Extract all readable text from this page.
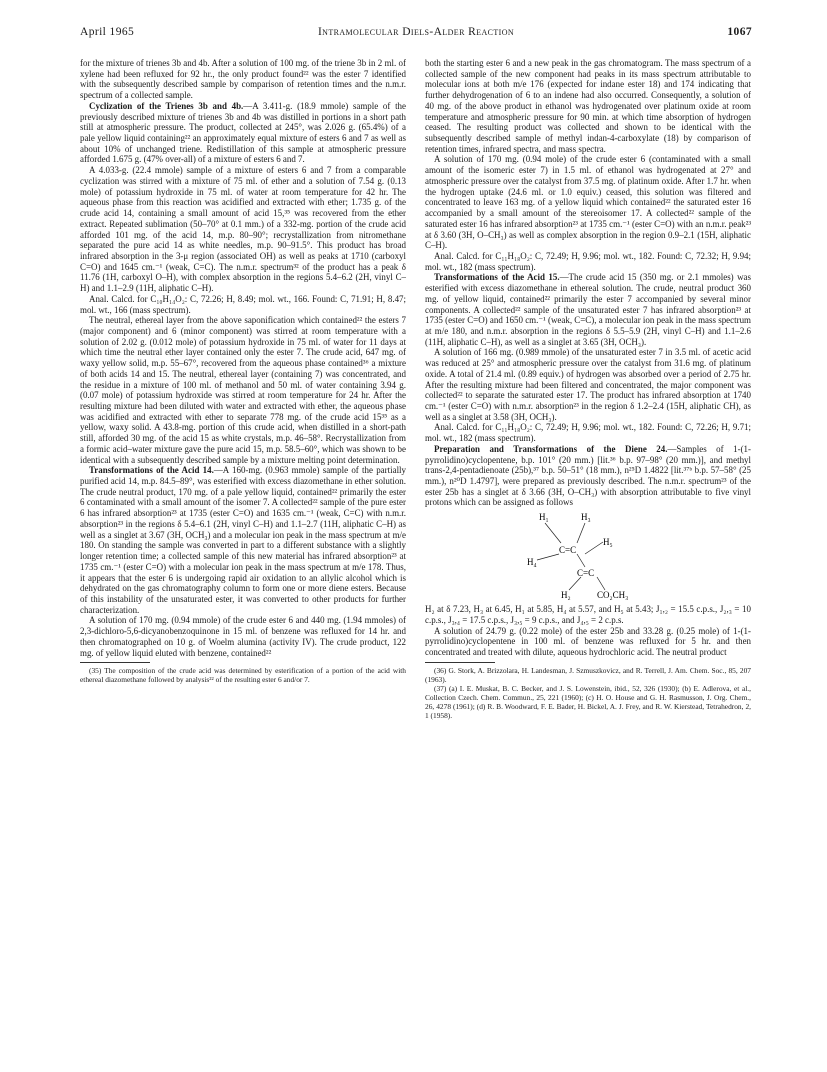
April 1965	Intramolecular Diels-Alder Reaction	1067

for the mixture of trienes 3b and 4b. After a solution of 100 mg. of the triene 3b in 2 ml. of xylene had been refluxed for 92 hr., the only product found²² was the ester 7 identified with the subsequently described sample by comparison of retention times and the n.m.r. spectrum of a collected sample.

Cyclization of the Trienes 3b and 4b.—A 3.411-g. (18.9 mmole) sample of the previously described mixture of trienes 3b and 4b was distilled in portions in a short path still at atmospheric pressure. The product, collected at 245°, was 2.026 g. (65.4%) of a pale yellow liquid containing²² an approximately equal mixture of esters 6 and 7 as well as about 10% of unchanged triene. Redistillation of this sample at atmospheric pressure afforded 1.675 g. (47% over-all) of a mixture of esters 6 and 7.

A 4.033-g. (22.4 mmole) sample of a mixture of esters 6 and 7 from a comparable cyclization was stirred with a mixture of 75 ml. of ether and a solution of 7.54 g. (0.13 mole) of potassium hydroxide in 75 ml. of water at room temperature for 42 hr. The aqueous phase from this reaction was acidified and extracted with ether; 1.735 g. of the crude acid 14, containing a small amount of acid 15,³⁵ was recovered from the ether extract. Repeated sublimation (50–70° at 0.1 mm.) of a 332-mg. portion of the crude acid afforded 101 mg. of the acid 14, m.p. 80–90°; recrystallization from nitromethane separated the pure acid 14 as white needles, m.p. 90–91.5°. This product has broad infrared absorption in the 3-μ region (associated OH) as well as peaks at 1710 (carboxyl C=O) and 1645 cm.⁻¹ (weak, C=C). The n.m.r. spectrum³² of the product has a peak δ 11.76 (1H, carboxyl O–H), with complex absorption in the regions 5.4–6.2 (2H, vinyl C–H) and 1.1–2.9 (11H, aliphatic C–H).

Anal. Calcd. for C₁₀H₁₄O₂: C, 72.26; H, 8.49; mol. wt., 166. Found: C, 71.91; H, 8.47; mol. wt., 166 (mass spectrum).

The neutral, ethereal layer from the above saponification which contained²² the esters 7 (major component) and 6 (minor component) was stirred at room temperature with a solution of 2.02 g. (0.012 mole) of potassium hydroxide in 75 ml. of water for 11 days at which time the neutral ether layer contained only the ester 7. The crude acid, 647 mg. of waxy yellow solid, m.p. 55–67°, recovered from the aqueous phase contained³⁶ a mixture of both acids 14 and 15. The neutral, ethereal layer (containing 7) was concentrated, and the residue in a mixture of 100 ml. of methanol and 50 ml. of water containing 3.94 g. (0.07 mole) of potassium hydroxide was stirred at room temperature for 24 hr. After the resulting mixture had been diluted with water and extracted with ether, the aqueous phase was acidified and extracted with ether to separate 778 mg. of the crude acid 15³⁵ as a yellow, waxy solid. A 43.8-mg. portion of this crude acid, when distilled in a short-path still, afforded 30 mg. of the acid 15 as white crystals, m.p. 46–58°. Recrystallization from a formic acid–water mixture gave the pure acid 15, m.p. 58.5–60°, which was shown to be identical with a subsequently described sample by a mixture melting point determination.

Transformations of the Acid 14.—A 160-mg. (0.963 mmole) sample of the partially purified acid 14, m.p. 84.5–89°, was esterified with excess diazomethane in ether solution. The crude neutral product, 170 mg. of a pale yellow liquid, contained²² primarily the ester 6 contaminated with a small amount of the isomer 7. A collected²² sample of the pure ester 6 has infrared absorption²³ at 1735 (ester C=O) and 1635 cm.⁻¹ (weak, C=C) with n.m.r. absorption²³ in the regions δ 5.4–6.1 (2H, vinyl C–H) and 1.1–2.7 (11H, aliphatic C–H) as well as a singlet at 3.67 (3H, OCH₃) and a molecular ion peak in the mass spectrum at m/e 180. On standing the sample was converted in part to a different substance with a slightly longer retention time; a collected sample of this new material has infrared absorption²³ at 1735 cm.⁻¹ (ester C=O) with a molecular ion peak in the mass spectrum at m/e 178. Thus, it appears that the ester 6 is undergoing rapid air oxidation to an allylic alcohol which is dehydrated on the gas chromatography column to form one or more diene esters. Because of this instability of the unsaturated ester, it was converted to other products for further characterization.

A solution of 170 mg. (0.94 mmole) of the crude ester 6 and 440 mg. (1.94 mmoles) of 2,3-dichloro-5,6-dicyanobenzoquinone in 15 ml. of benzene was refluxed for 14 hr. and then chromatographed on 10 g. of Woelm alumina (activity IV). The crude product, 122 mg. of yellow liquid eluted with benzene, contained²²

(35) The composition of the crude acid was determined by esterification of a portion of the acid with ethereal diazomethane followed by analysis²² of the resulting ester 6 and/or 7.

both the starting ester 6 and a new peak in the gas chromatogram. The mass spectrum of a collected sample of the new component had peaks in its mass spectrum attributable to molecular ions at both m/e 176 (expected for indane ester 18) and 174 indicating that further dehydrogenation of 6 to an indene had also occurred. Consequently, a solution of 40 mg. of the above product in ethanol was hydrogenated over platinum oxide at room temperature and atmospheric pressure for 90 min. at which time absorption of hydrogen ceased. The resulting product was collected and shown to be identical with the subsequently described sample of methyl indan-4-carboxylate (18) by comparison of retention times, infrared spectra, and mass spectra.

A solution of 170 mg. (0.94 mole) of the crude ester 6 (contaminated with a small amount of the isomeric ester 7) in 1.5 ml. of ethanol was hydrogenated at 27° and atmospheric pressure over the catalyst from 37.5 mg. of platinum oxide. After 1.7 hr. when the hydrogen uptake (24.6 ml. or 1.0 equiv.) ceased, this solution was filtered and concentrated to leave 163 mg. of a yellow liquid which contained²² the saturated ester 16 accompanied by a small amount of the stereoisomer 17. A collected²² sample of the saturated ester 16 has infrared absorption²³ at 1735 cm.⁻¹ (ester C=O) with an n.m.r. peak²³ at δ 3.60 (3H, O–CH₃) as well as complex absorption in the region 0.9–2.1 (15H, aliphatic C–H).

Anal. Calcd. for C₁₁H₁₈O₂: C, 72.49; H, 9.96; mol. wt., 182. Found: C, 72.32; H, 9.94; mol. wt., 182 (mass spectrum).

Transformations of the Acid 15.—The crude acid 15 (350 mg. or 2.1 mmoles) was esterified with excess diazomethane in ethereal solution. The crude, neutral product 360 mg. of yellow liquid, contained²² primarily the ester 7 accompanied by several minor components. A collected²² sample of the unsaturated ester 7 has infrared absorption²³ at 1735 (ester C=O) and 1650 cm.⁻¹ (weak, C=C), a molecular ion peak in the mass spectrum at m/e 180, and n.m.r. absorption in the regions δ 5.5–5.9 (2H, vinyl C–H) and 1.1–2.6 (11H, aliphatic C–H), as well as a singlet at 3.65 (3H, OCH₃).

A solution of 166 mg. (0.989 mmole) of the unsaturated ester 7 in 3.5 ml. of acetic acid was reduced at 25° and atmospheric pressure over the catalyst from 31.6 mg. of platinum oxide. A total of 21.4 ml. (0.89 equiv.) of hydrogen was absorbed over a period of 2.75 hr. After the resulting mixture had been filtered and concentrated, the major component was collected²² to separate the saturated ester 17. The product has infrared absorption at 1740 cm.⁻¹ (ester C=O) with n.m.r. absorption²³ in the region δ 1.2–2.4 (15H, aliphatic CH), as well as a singlet at 3.58 (3H, OCH₃).

Anal. Calcd. for C₁₁H₁₈O₂: C, 72.49; H, 9.96; mol. wt., 182. Found: C, 72.26; H, 9.71; mol. wt., 182 (mass spectrum).

Preparation and Transformations of the Diene 24.—Samples of 1-(1-pyrrolidino)cyclopentene, b.p. 101° (20 mm.) [lit.³⁶ b.p. 97–98° (20 mm.)], and methyl trans-2,4-pentadienoate (25b),³⁷ b.p. 50–51° (18 mm.), n²⁵D 1.4822 [lit.³⁷ᵇ b.p. 57–58° (25 mm.), n²⁰D 1.4797], were prepared as previously described. The n.m.r. spectrum²³ of the ester 25b has a singlet at δ 3.66 (3H, O–CH₃) with absorption attributable to five vinyl protons which can be assigned as follows

H₁	H₃
C=C
H₅
H₄
C=C
H₂	CO₂CH₃

H₂ at δ 7.23, H₃ at 6.45, H₁ at 5.85, H₄ at 5.57, and H₅ at 5.43; J₁,₂ = 15.5 c.p.s., J₂,₃ = 10 c.p.s., J₃,₄ = 17.5 c.p.s., J₃,₅ = 9 c.p.s., and J₄,₅ = 2 c.p.s.

A solution of 24.79 g. (0.22 mole) of the ester 25b and 33.28 g. (0.25 mole) of 1-(1-pyrrolidino)cyclopentene in 100 ml. of benzene was refluxed for 5 hr. and then concentrated and treated with dilute, aqueous hydrochloric acid. The neutral product

(36) G. Stork, A. Brizzolara, H. Landesman, J. Szmuszkovicz, and R. Terrell, J. Am. Chem. Soc., 85, 207 (1963).

(37) (a) I. E. Muskat, B. C. Becker, and J. S. Lowenstein, ibid., 52, 326 (1930); (b) E. Adlerova, et al., Collection Czech. Chem. Commun., 25, 221 (1960); (c) H. O. House and G. H. Rasmusson, J. Org. Chem., 26, 4278 (1961); (d) R. B. Woodward, F. E. Bader, H. Bickel, A. J. Frey, and R. W. Kierstead, Tetrahedron, 2, 1 (1958).
